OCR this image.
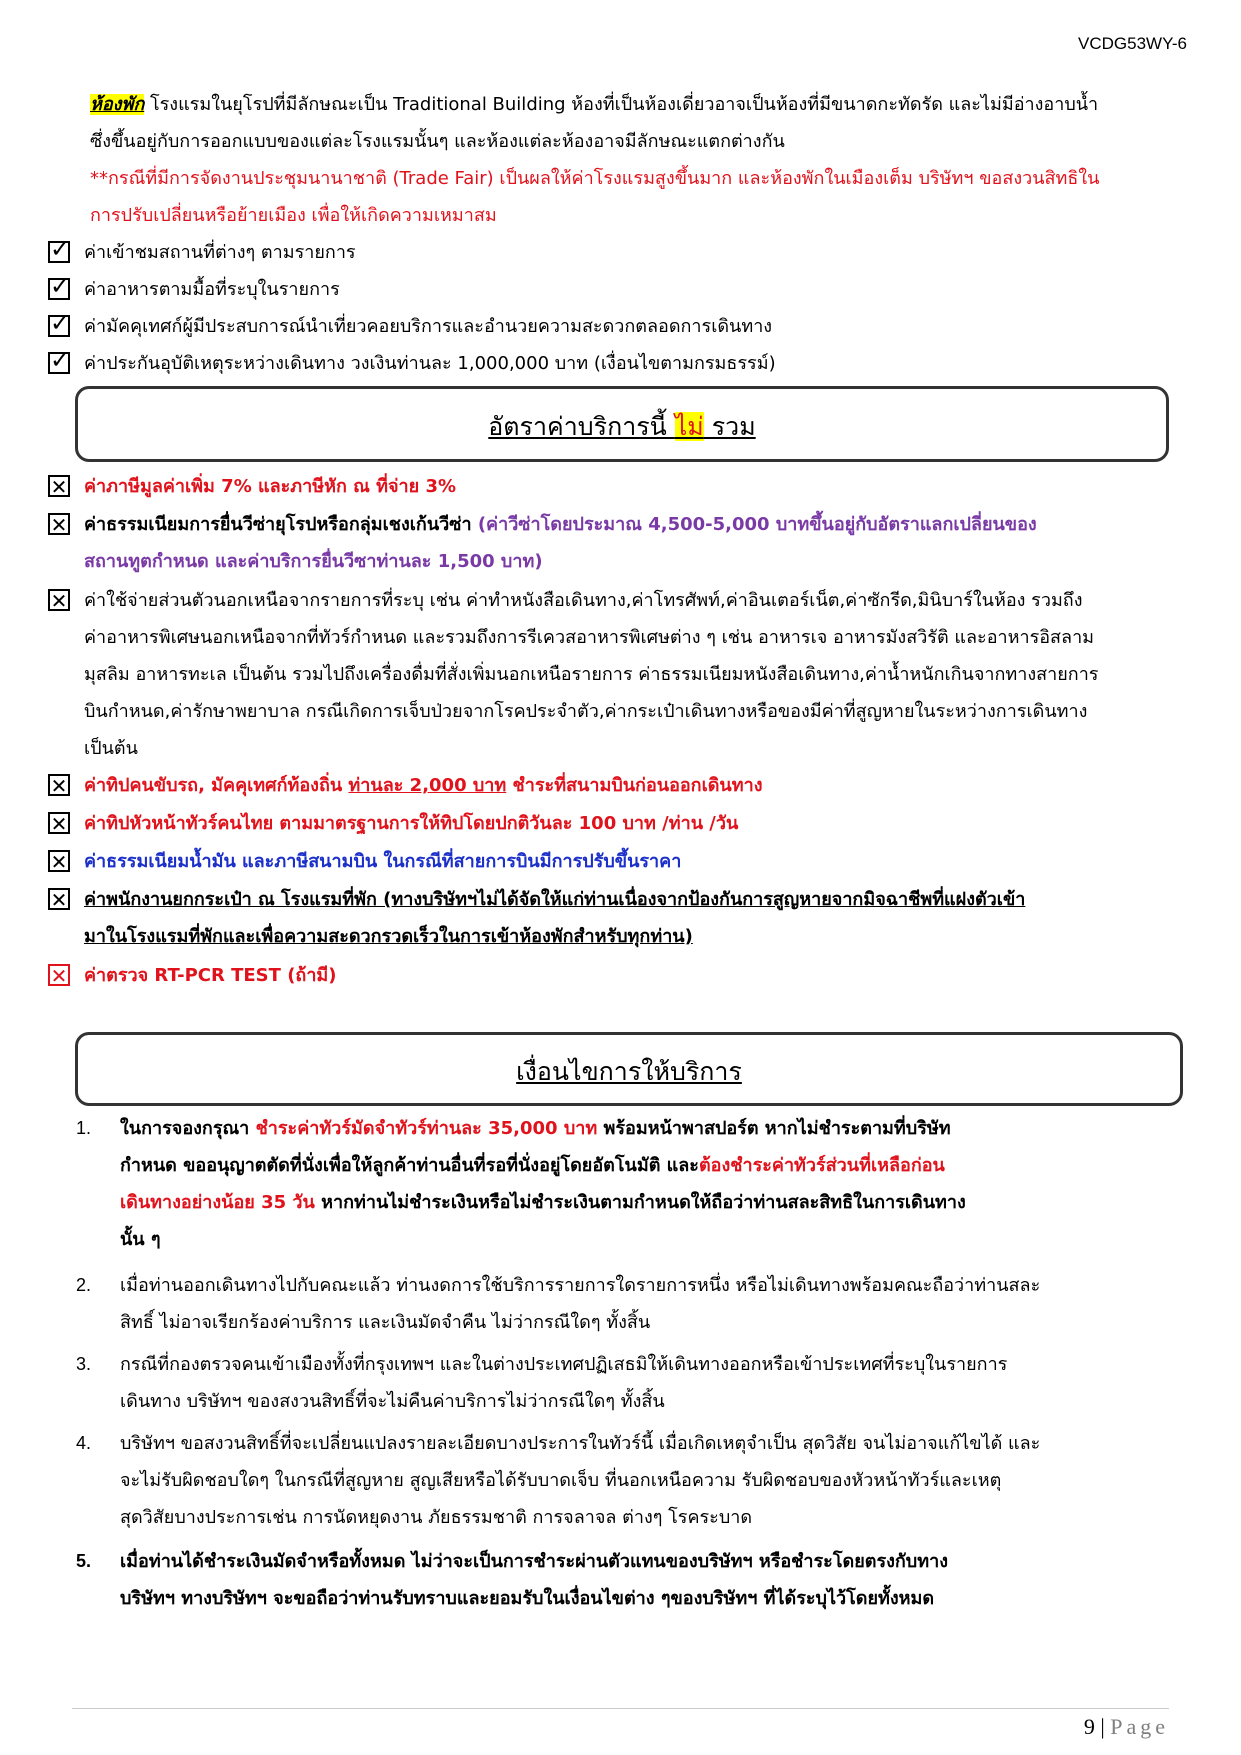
VCDG53WY-6
ห้องพัก โรงแรมในยุโรปที่มีลักษณะเป็น Traditional Building ห้องที่เป็นห้องเดี่ยวอาจเป็นห้องที่มีขนาดกะทัดรัด และไม่มีอ่างอาบน้ำ
ซึ่งขึ้นอยู่กับการออกแบบของแต่ละโรงแรมนั้นๆ และห้องแต่ละห้องอาจมีลักษณะแตกต่างกัน
**กรณีที่มีการจัดงานประชุมนานาชาติ (Trade Fair) เป็นผลให้ค่าโรงแรมสูงขึ้นมาก และห้องพักในเมืองเต็ม บริษัทฯ ขอสงวนสิทธิใน
การปรับเปลี่ยนหรือย้ายเมือง เพื่อให้เกิดความเหมาสม
✓ ค่าเข้าชมสถานที่ต่างๆ ตามรายการ
✓ ค่าอาหารตามมื้อที่ระบุในรายการ
✓ ค่ามัคคุเทศก์ผู้มีประสบการณ์นำเที่ยวคอยบริการและอำนวยความสะดวกตลอดการเดินทาง
✓ ค่าประกันอุบัติเหตุระหว่างเดินทาง วงเงินท่านละ 1,000,000 บาท (เงื่อนไขตามกรมธรรม์)
อัตราค่าบริการนี้ ไม่ รวม
✕ ค่าภาษีมูลค่าเพิ่ม 7% และภาษีหัก ณ ที่จ่าย 3%
✕ ค่าธรรมเนียมการยื่นวีซ่ายุโรปหรือกลุ่มเชงเก้นวีซ่า (ค่าวีซ่าโดยประมาณ 4,500-5,000 บาทขึ้นอยู่กับอัตราแลกเปลี่ยนของ
สถานทูตกำหนด และค่าบริการยื่นวีซาท่านละ 1,500 บาท)
✕ ค่าใช้จ่ายส่วนตัวนอกเหนือจากรายการที่ระบุ เช่น ค่าทำหนังสือเดินทาง,ค่าโทรศัพท์,ค่าอินเตอร์เน็ต,ค่าซักรีด,มินิบาร์ในห้อง รวมถึง
ค่าอาหารพิเศษนอกเหนือจากที่ทัวร์กำหนด และรวมถึงการรีเควสอาหารพิเศษต่าง ๆ เช่น อาหารเจ อาหารมังสวิรัติ และอาหารอิสลาม
มุสลิม อาหารทะเล เป็นต้น รวมไปถึงเครื่องดื่มที่สั่งเพิ่มนอกเหนือรายการ ค่าธรรมเนียมหนังสือเดินทาง,ค่าน้ำหนักเกินจากทางสายการ
บินกำหนด,ค่ารักษาพยาบาล กรณีเกิดการเจ็บป่วยจากโรคประจำตัว,ค่ากระเป๋าเดินทางหรือของมีค่าที่สูญหายในระหว่างการเดินทาง
เป็นต้น
✕ ค่าทิปคนขับรถ, มัคคุเทศก์ท้องถิ่น ท่านละ 2,000 บาท ชำระที่สนามบินก่อนออกเดินทาง
✕ ค่าทิปหัวหน้าทัวร์คนไทย ตามมาตรฐานการให้ทิปโดยปกติวันละ 100 บาท /ท่าน /วัน
✕ ค่าธรรมเนียมน้ำมัน และภาษีสนามบิน ในกรณีที่สายการบินมีการปรับขึ้นราคา
✕ ค่าพนักงานยกกระเป๋า ณ โรงแรมที่พัก (ทางบริษัทฯไม่ได้จัดให้แก่ท่านเนื่องจากป้องกันการสูญหายจากมิจฉาชีพที่แฝงตัวเข้า
มาในโรงแรมที่พักและเพื่อความสะดวกรวดเร็วในการเข้าห้องพักสำหรับทุกท่าน)
✕ ค่าตรวจ RT-PCR TEST (ถ้ามี)
เงื่อนไขการให้บริการ
1.	ในการจองกรุณา ชำระค่าทัวร์มัดจำทัวร์ท่านละ 35,000 บาท พร้อมหน้าพาสปอร์ต หากไม่ชำระตามที่บริษัท
กำหนด ขออนุญาตตัดที่นั่งเพื่อให้ลูกค้าท่านอื่นที่รอที่นั่งอยู่โดยอัตโนมัติ และต้องชำระค่าทัวร์ส่วนที่เหลือก่อน
เดินทางอย่างน้อย 35 วัน หากท่านไม่ชำระเงินหรือไม่ชำระเงินตามกำหนดให้ถือว่าท่านสละสิทธิในการเดินทาง
นั้น ๆ
2.	เมื่อท่านออกเดินทางไปกับคณะแล้ว ท่านงดการใช้บริการรายการใดรายการหนึ่ง หรือไม่เดินทางพร้อมคณะถือว่าท่านสละ
สิทธิ์ ไม่อาจเรียกร้องค่าบริการ และเงินมัดจำคืน ไม่ว่ากรณีใดๆ ทั้งสิ้น
3.	กรณีที่กองตรวจคนเข้าเมืองทั้งที่กรุงเทพฯ และในต่างประเทศปฏิเสธมิให้เดินทางออกหรือเข้าประเทศที่ระบุในรายการ
เดินทาง บริษัทฯ ของสงวนสิทธิ์ที่จะไม่คืนค่าบริการไม่ว่ากรณีใดๆ ทั้งสิ้น
4.	บริษัทฯ ขอสงวนสิทธิ์ที่จะเปลี่ยนแปลงรายละเอียดบางประการในทัวร์นี้ เมื่อเกิดเหตุจำเป็น สุดวิสัย จนไม่อาจแก้ไขได้ และ
จะไม่รับผิดชอบใดๆ ในกรณีที่สูญหาย สูญเสียหรือได้รับบาดเจ็บ ที่นอกเหนือความ รับผิดชอบของหัวหน้าทัวร์และเหตุ
สุดวิสัยบางประการเช่น การนัดหยุดงาน ภัยธรรมชาติ การจลาจล ต่างๆ โรคระบาด
5.	เมื่อท่านได้ชำระเงินมัดจำหรือทั้งหมด ไม่ว่าจะเป็นการชำระผ่านตัวแทนของบริษัทฯ หรือชำระโดยตรงกับทาง
บริษัทฯ ทางบริษัทฯ จะขอถือว่าท่านรับทราบและยอมรับในเงื่อนไขต่าง ๆของบริษัทฯ ที่ได้ระบุไว้โดยทั้งหมด
9 | Page
